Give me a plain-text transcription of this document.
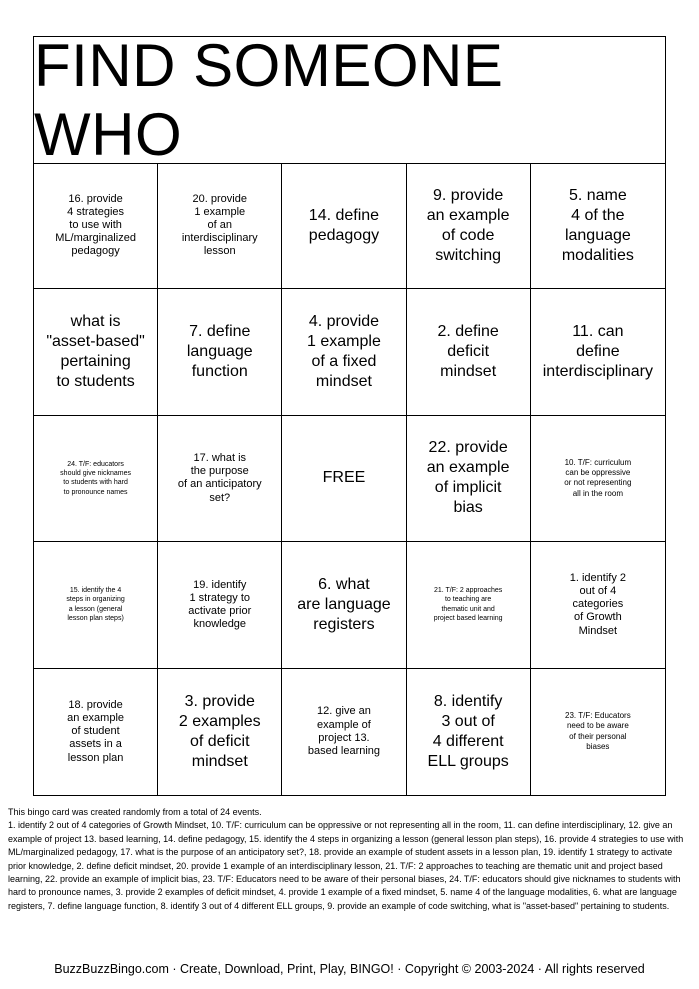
FIND SOMEONE WHO
16. provide
4 strategies
to use with
ML/marginalized
pedagogy
20. provide
1 example
of an
interdisciplinary
lesson
14. define
pedagogy
9. provide
an example
of code
switching
5. name
4 of the
language
modalities
what is
"asset-based"
pertaining
to students
7. define
language
function
4. provide
1 example
of a fixed
mindset
2. define
deficit
mindset
11. can
define
interdisciplinary
24. T/F: educators
should give nicknames
to students with hard
to pronounce names
17. what is
the purpose
of an anticipatory
set?
FREE
22. provide
an example
of implicit
bias
10. T/F: curriculum
can be oppressive
or not representing
all in the room
15. identify the 4
steps in organizing
a lesson (general
lesson plan steps)
19. identify
1 strategy to
activate prior
knowledge
6. what
are language
registers
21. T/F: 2 approaches
to teaching are
thematic unit and
project based learning
1. identify 2
out of 4
categories
of Growth
Mindset
18. provide
an example
of student
assets in a
lesson plan
3. provide
2 examples
of deficit
mindset
12. give an
example of
project 13.
based learning
8. identify
3 out of
4 different
ELL groups
23. T/F: Educators
need to be aware
of their personal
biases
This bingo card was created randomly from a total of 24 events.
1. identify 2 out of 4 categories of Growth Mindset, 10. T/F: curriculum can be oppressive or not representing all in the room, 11. can define interdisciplinary, 12. give an example of project 13. based learning, 14. define pedagogy, 15. identify the 4 steps in organizing a lesson (general lesson plan steps), 16. provide 4 strategies to use with ML/marginalized pedagogy, 17. what is the purpose of an anticipatory set?, 18. provide an example of student assets in a lesson plan, 19. identify 1 strategy to activate prior knowledge, 2. define deficit mindset, 20. provide 1 example of an interdisciplinary lesson, 21. T/F: 2 approaches to teaching are thematic unit and project based learning, 22. provide an example of implicit bias, 23. T/F: Educators need to be aware of their personal biases, 24. T/F: educators should give nicknames to students with hard to pronounce names, 3. provide 2 examples of deficit mindset, 4. provide 1 example of a fixed mindset, 5. name 4 of the language modalities, 6. what are language registers, 7. define language function, 8. identify 3 out of 4 different ELL groups, 9. provide an example of code switching, what is "asset-based" pertaining to students.
BuzzBuzzBingo.com · Create, Download, Print, Play, BINGO! · Copyright © 2003-2024 · All rights reserved
